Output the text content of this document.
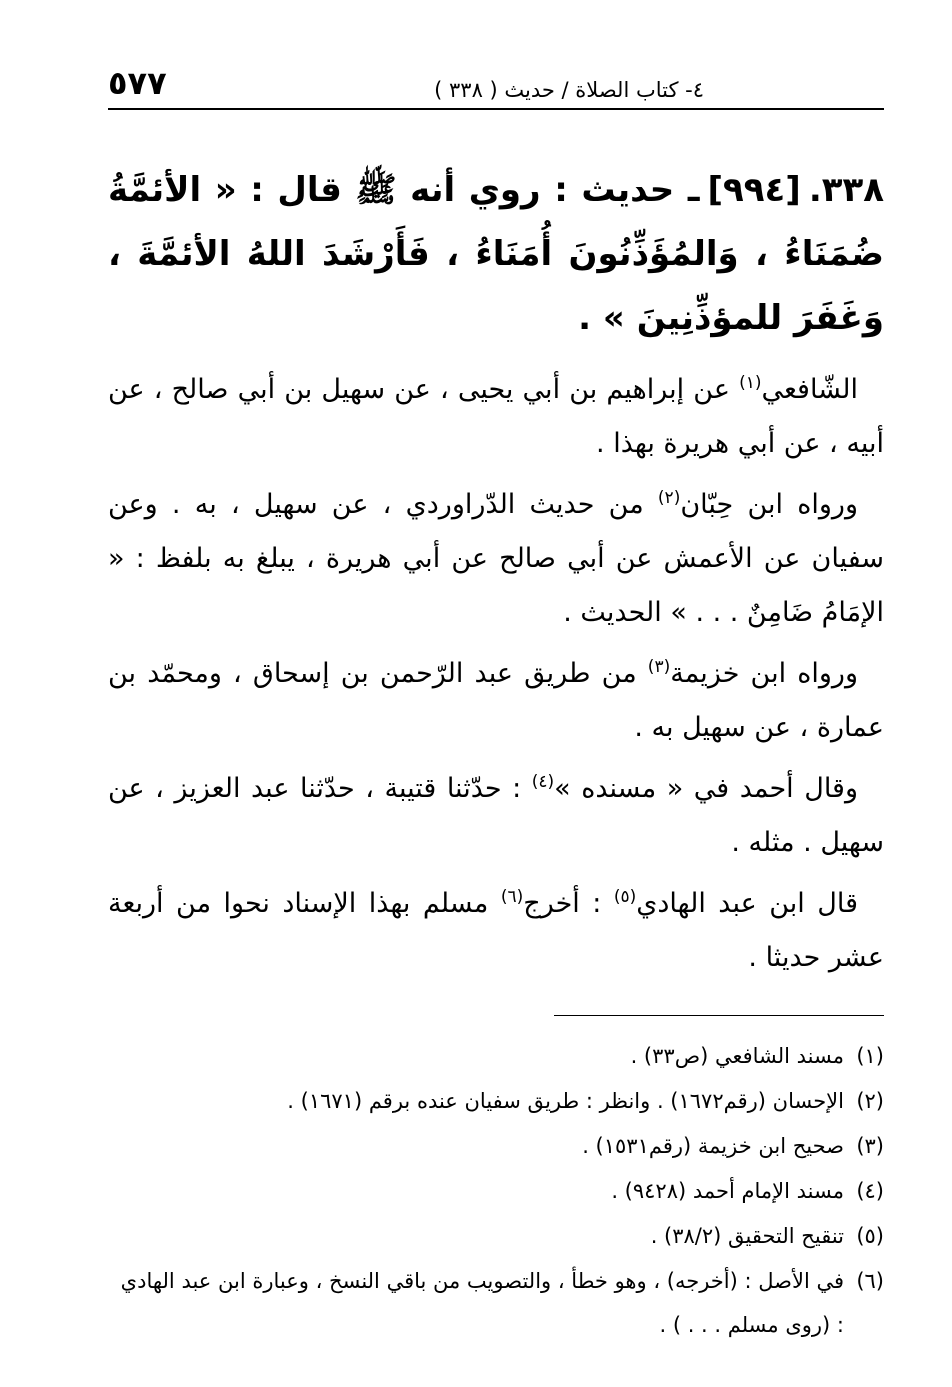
٤- كتاب الصلاة / حديث ( ٣٣٨ )
٥٧٧
٣٣٨.[٩٩٤]ـ حديث : روي أنه ﷺ قال : « الأئمَّةُ ضُمَنَاءُ ، وَالمُؤَذِّنُونَ أُمَنَاءُ ، فَأَرْشَدَ اللهُ الأئمَّةَ ، وَغَفَرَ للمؤذِّنِينَ » .

الشّافعي$^{(١)}$ عن إبراهيم بن أبي يحيى ، عن سهيل بن أبي صالح ، عن أبيه ، عن أبي هريرة بهذا .

ورواه ابن حِبّان$^{(٢)}$ من حديث الدّراوردي ، عن سهيل ، به . وعن سفيان عن الأعمش عن أبي صالح عن أبي هريرة ، يبلغ به بلفظ : « الإمَامُ ضَامِنٌ . . . » الحديث .

ورواه ابن خزيمة$^{(٣)}$ من طريق عبد الرّحمن بن إسحاق ، ومحمّد بن عمارة ، عن سهيل به .

وقال أحمد في « مسنده »$^{(٤)}$ : حدّثنا قتيبة ، حدّثنا عبد العزيز ، عن سهيل . مثله .

قال ابن عبد الهادي$^{(٥)}$ : أخرج$^{(٦)}$ مسلم بهذا الإسناد نحوا من أربعة عشر حديثا .

(١)
مسند الشافعي (ص٣٣) .
(٢)
الإحسان (رقم١٦٧٢) . وانظر : طريق سفيان عنده برقم (١٦٧١) .
(٣)
صحيح ابن خزيمة (رقم١٥٣١) .
(٤)
مسند الإمام أحمد (٩٤٢٨) .
(٥)
تنقيح التحقيق (٣٨/٢) .
(٦)
في الأصل : (أخرجه) ، وهو خطأ ، والتصويب من باقي النسخ ، وعبارة ابن عبد الهادي : (روى مسلم . . . ) .
